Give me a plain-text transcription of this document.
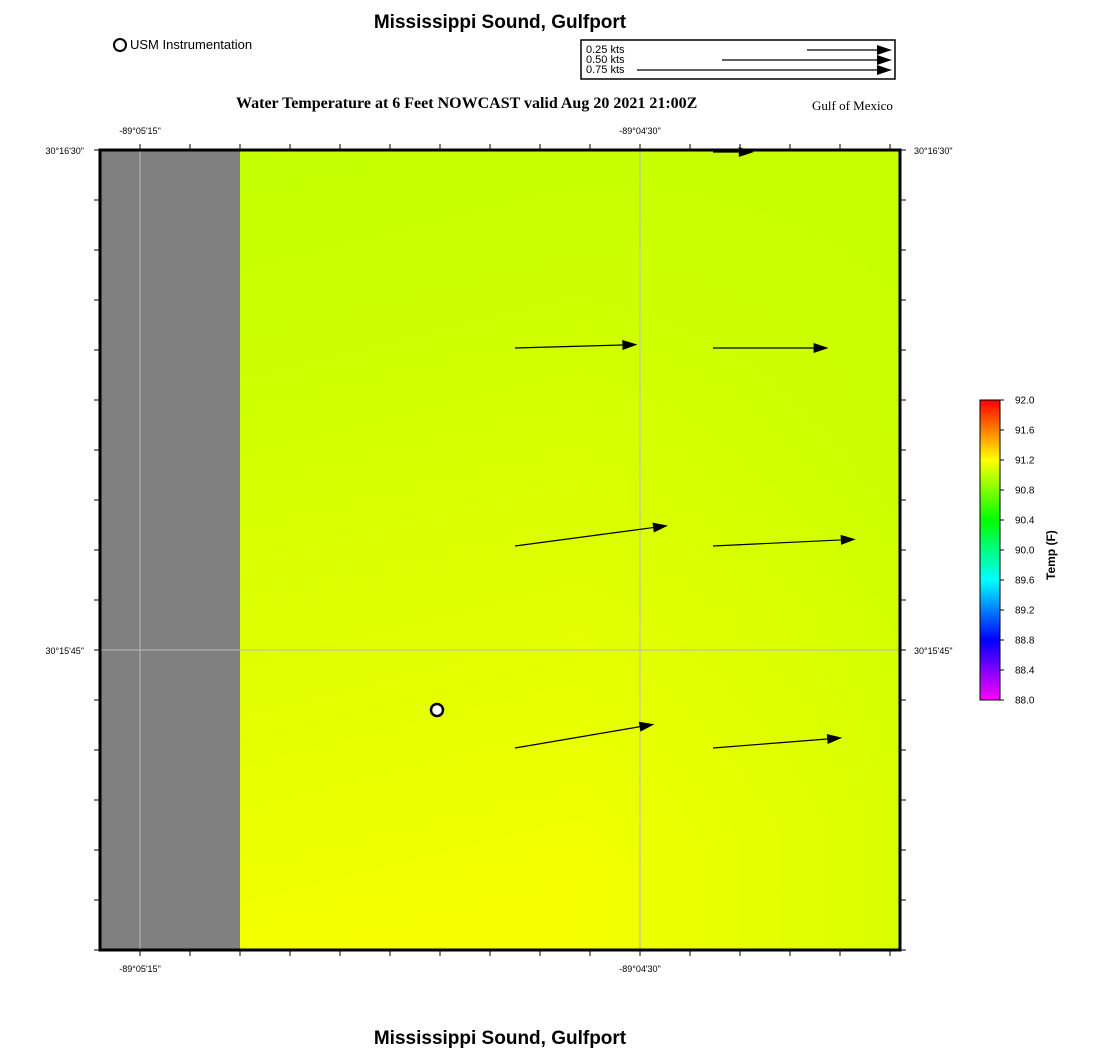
Mississippi Sound, Gulfport
USM Instrumentation	0.25 kts
0.50 kts
0.75 kts
Water Temperature at 6 Feet NOWCAST valid Aug 20 2021 21:00Z	Gulf of Mexico
-89°05'15"	-89°04'30"
-89°05'15"	-89°04'30"
30°16'30"
30°15'45"
30°16'30"
30°15'45"
92.0
91.6
91.2
90.8
90.4
90.0
89.6
89.2
88.8
88.4
88.0
Temp (F)
Mississippi Sound, Gulfport
